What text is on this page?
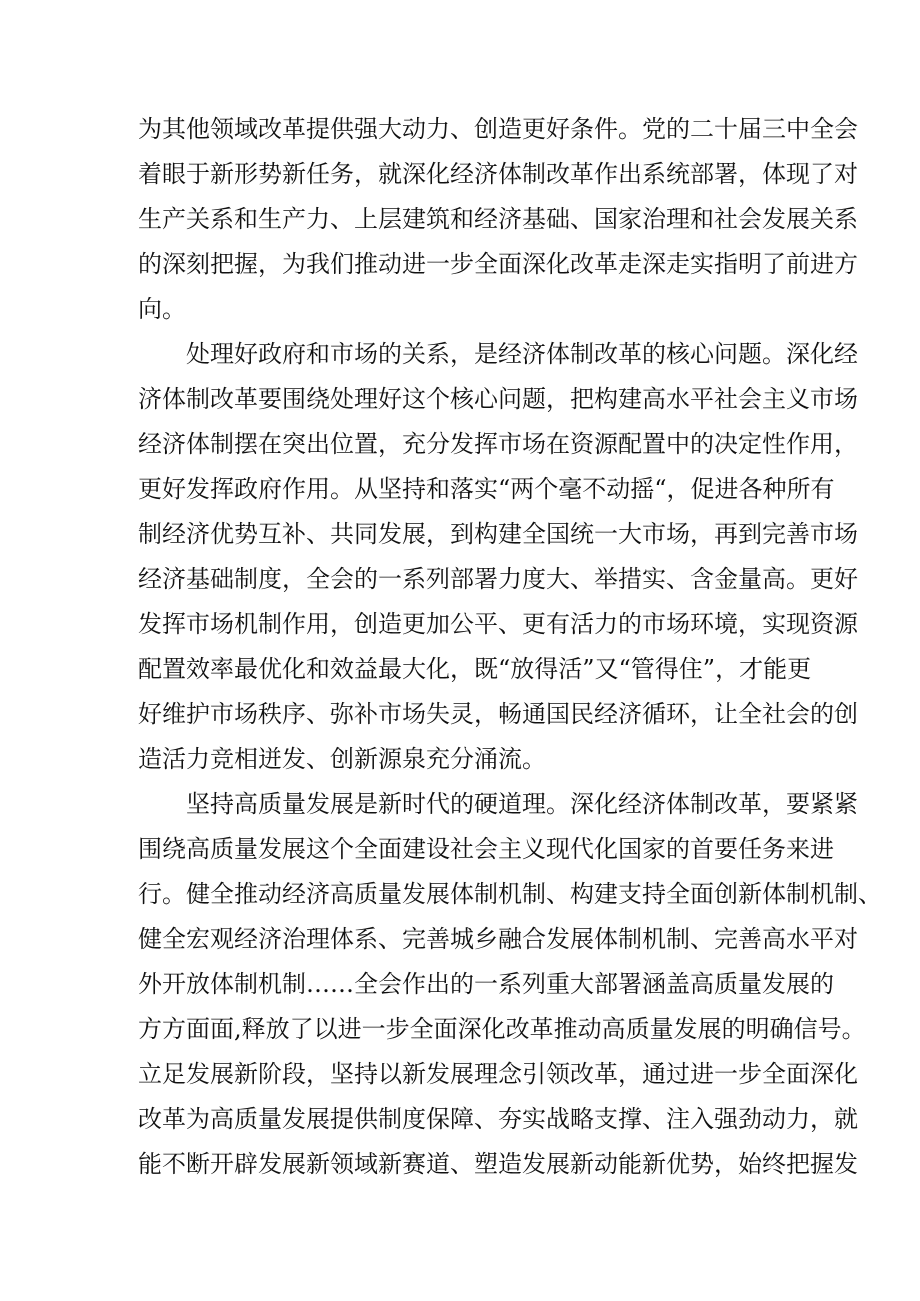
为其他领域改革提供强大动力、创造更好条件。党的二十届三中全会
着眼于新形势新任务，就深化经济体制改革作出系统部署，体现了对
生产关系和生产力、上层建筑和经济基础、国家治理和社会发展关系
的深刻把握，为我们推动进一步全面深化改革走深走实指明了前进方
向。
处理好政府和市场的关系，是经济体制改革的核心问题。深化经
济体制改革要围绕处理好这个核心问题，把构建高水平社会主义市场
经济体制摆在突出位置，充分发挥市场在资源配置中的决定性作用，
更好发挥政府作用。从坚持和落实“两个毫不动摇“，促进各种所有
制经济优势互补、共同发展，到构建全国统一大市场，再到完善市场
经济基础制度，全会的一系列部署力度大、举措实、含金量高。更好
发挥市场机制作用，创造更加公平、更有活力的市场环境，实现资源
配置效率最优化和效益最大化，既“放得活”又“管得住”，才能更
好维护市场秩序、弥补市场失灵，畅通国民经济循环，让全社会的创
造活力竞相迸发、创新源泉充分涌流。
坚持高质量发展是新时代的硬道理。深化经济体制改革，要紧紧
围绕高质量发展这个全面建设社会主义现代化国家的首要任务来进
行。健全推动经济高质量发展体制机制、构建支持全面创新体制机制、
健全宏观经济治理体系、完善城乡融合发展体制机制、完善高水平对
外开放体制机制……全会作出的一系列重大部署涵盖高质量发展的
方方面面,释放了以进一步全面深化改革推动高质量发展的明确信号。
立足发展新阶段，坚持以新发展理念引领改革，通过进一步全面深化
改革为高质量发展提供制度保障、夯实战略支撑、注入强劲动力，就
能不断开辟发展新领域新赛道、塑造发展新动能新优势，始终把握发
